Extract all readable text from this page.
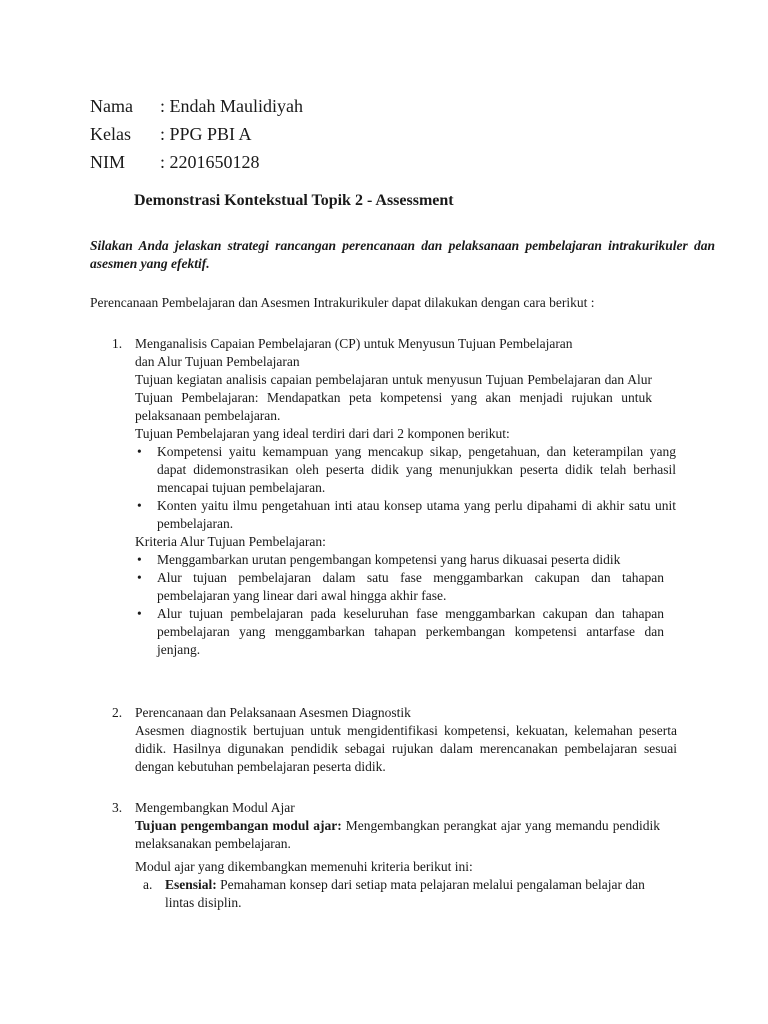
Nama	: Endah Maulidiyah
Kelas	: PPG PBI A
NIM	: 2201650128
Demonstrasi Kontekstual Topik 2 - Assessment
Silakan Anda jelaskan strategi rancangan perencanaan dan pelaksanaan pembelajaran intrakurikuler dan asesmen yang efektif.
Perencanaan Pembelajaran dan Asesmen Intrakurikuler dapat dilakukan dengan cara berikut :
1. Menganalisis Capaian Pembelajaran (CP) untuk Menyusun Tujuan Pembelajaran
dan Alur Tujuan Pembelajaran
Tujuan kegiatan analisis capaian pembelajaran untuk menyusun Tujuan Pembelajaran dan Alur Tujuan Pembelajaran: Mendapatkan peta kompetensi yang akan menjadi rujukan untuk pelaksanaan pembelajaran.
Tujuan Pembelajaran yang ideal terdiri dari dari 2 komponen berikut:
• Kompetensi yaitu kemampuan yang mencakup sikap, pengetahuan, dan keterampilan yang dapat didemonstrasikan oleh peserta didik yang menunjukkan peserta didik telah berhasil mencapai tujuan pembelajaran.
• Konten yaitu ilmu pengetahuan inti atau konsep utama yang perlu dipahami di akhir satu unit pembelajaran.
Kriteria Alur Tujuan Pembelajaran:
• Menggambarkan urutan pengembangan kompetensi yang harus dikuasai peserta didik
• Alur tujuan pembelajaran dalam satu fase menggambarkan cakupan dan tahapan pembelajaran yang linear dari awal hingga akhir fase.
• Alur tujuan pembelajaran pada keseluruhan fase menggambarkan cakupan dan tahapan pembelajaran yang menggambarkan tahapan perkembangan kompetensi antarfase dan jenjang.
2. Perencanaan dan Pelaksanaan Asesmen Diagnostik
Asesmen diagnostik bertujuan untuk mengidentifikasi kompetensi, kekuatan, kelemahan peserta didik. Hasilnya digunakan pendidik sebagai rujukan dalam merencanakan pembelajaran sesuai dengan kebutuhan pembelajaran peserta didik.
3. Mengembangkan Modul Ajar
Tujuan pengembangan modul ajar: Mengembangkan perangkat ajar yang memandu pendidik melaksanakan pembelajaran.
Modul ajar yang dikembangkan memenuhi kriteria berikut ini:
a. Esensial: Pemahaman konsep dari setiap mata pelajaran melalui pengalaman belajar dan lintas disiplin.
